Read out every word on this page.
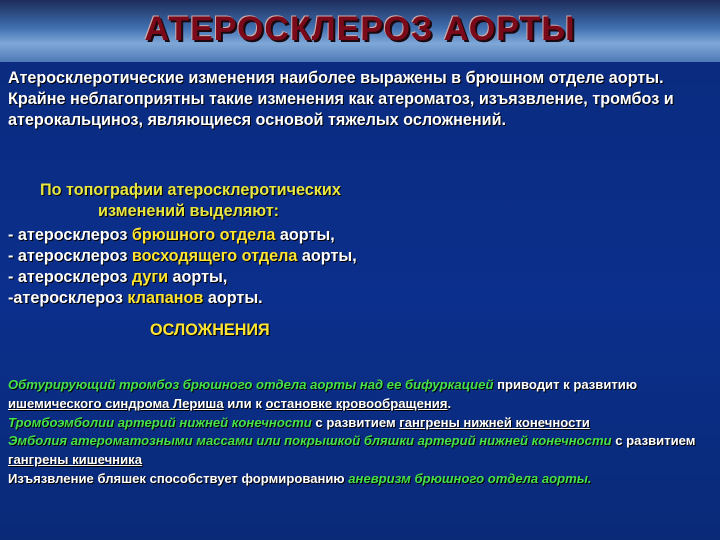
АТЕРОСКЛЕРОЗ АОРТЫ
Атеросклеротические изменения наиболее выражены в брюшном отделе аорты. Крайне неблагоприятны такие изменения как атероматоз, изъязвление, тромбоз и атерокальциноз, являющиеся основой тяжелых осложнений.
По топографии атеросклеротических
изменений выделяют:
- атеросклероз брюшного отдела аорты,
- атеросклероз восходящего отдела аорты,
- атеросклероз дуги аорты,
-атеросклероз клапанов аорты.
ОСЛОЖНЕНИЯ
Обтурирующий тромбоз брюшного отдела аорты над ее бифуркацией приводит к развитию ишемического синдрома Лериша или к остановке кровообращения.
Тромбоэмболии артерий нижней конечности с развитием гангрены нижней конечности
Эмболия атероматозными массами или покрышкой бляшки артерий нижней конечности с развитием гангрены кишечника
Изъязвление бляшек способствует формированию аневризм брюшного отдела аорты.
